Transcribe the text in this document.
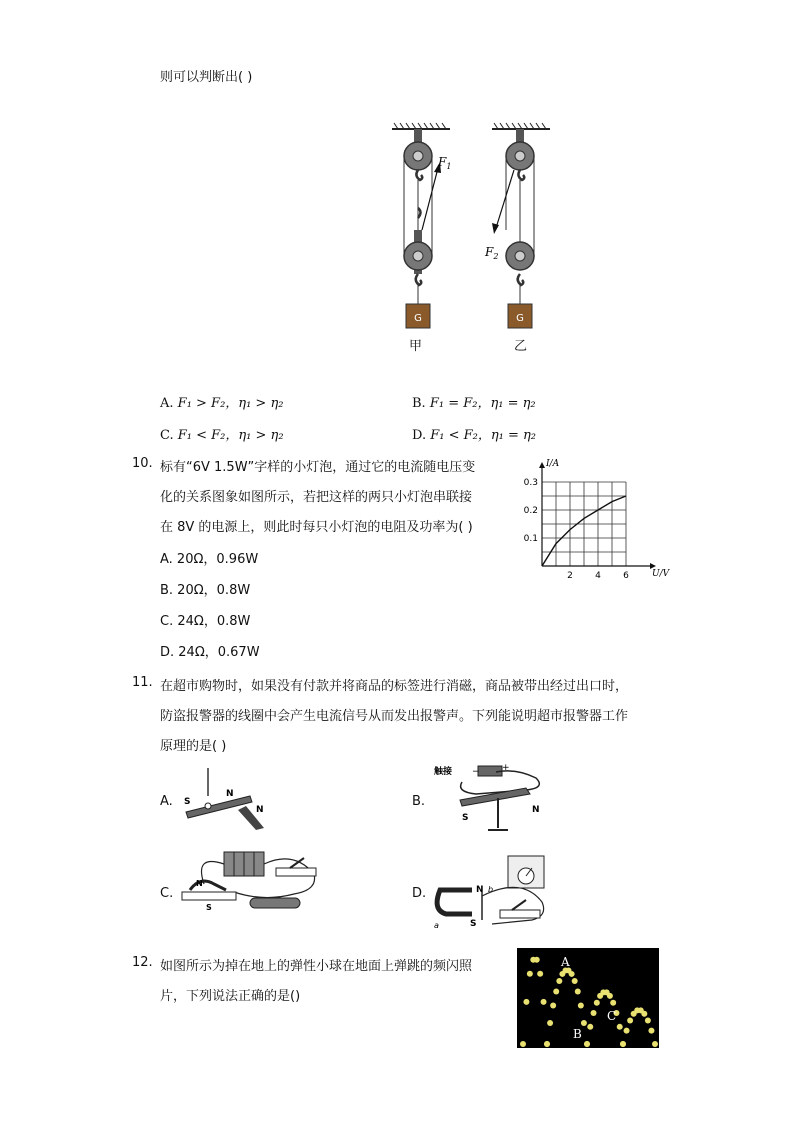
则可以判断出( )
$F_1$
G
$F_2$
G
甲	乙
A. F₁ > F₂，η₁ > η₂	B. F₁ = F₂，η₁ = η₂
C. F₁ < F₂，η₁ > η₂	D. F₁ < F₂，η₁ = η₂
10. 标有“6V 1.5W”字样的小灯泡，通过它的电流随电压变
化的关系图象如图所示，若把这样的两只小灯泡串联接
在 8V 的电源上，则此时每只小灯泡的电阻及功率为( )
A. 20Ω，0.96W
B. 20Ω，0.8W
C. 24Ω，0.8W
D. 24Ω，0.67W
2 4 6
0.1
0.2
0.3
U/V
I/A
11. 在超市购物时，如果没有付款并将商品的标签进行消磁，商品被带出经过出口时，
防盗报警器的线圈中会产生电流信号从而发出报警声。下列能说明超市报警器工作
原理的是( )
A. S
N
N
B.
触接 − +
S
N
C.
N
S
D.	N
S
a
b
12. 如图所示为掉在地上的弹性小球在地面上弹跳的频闪照
片，下列说法正确的是()
A
B
C
